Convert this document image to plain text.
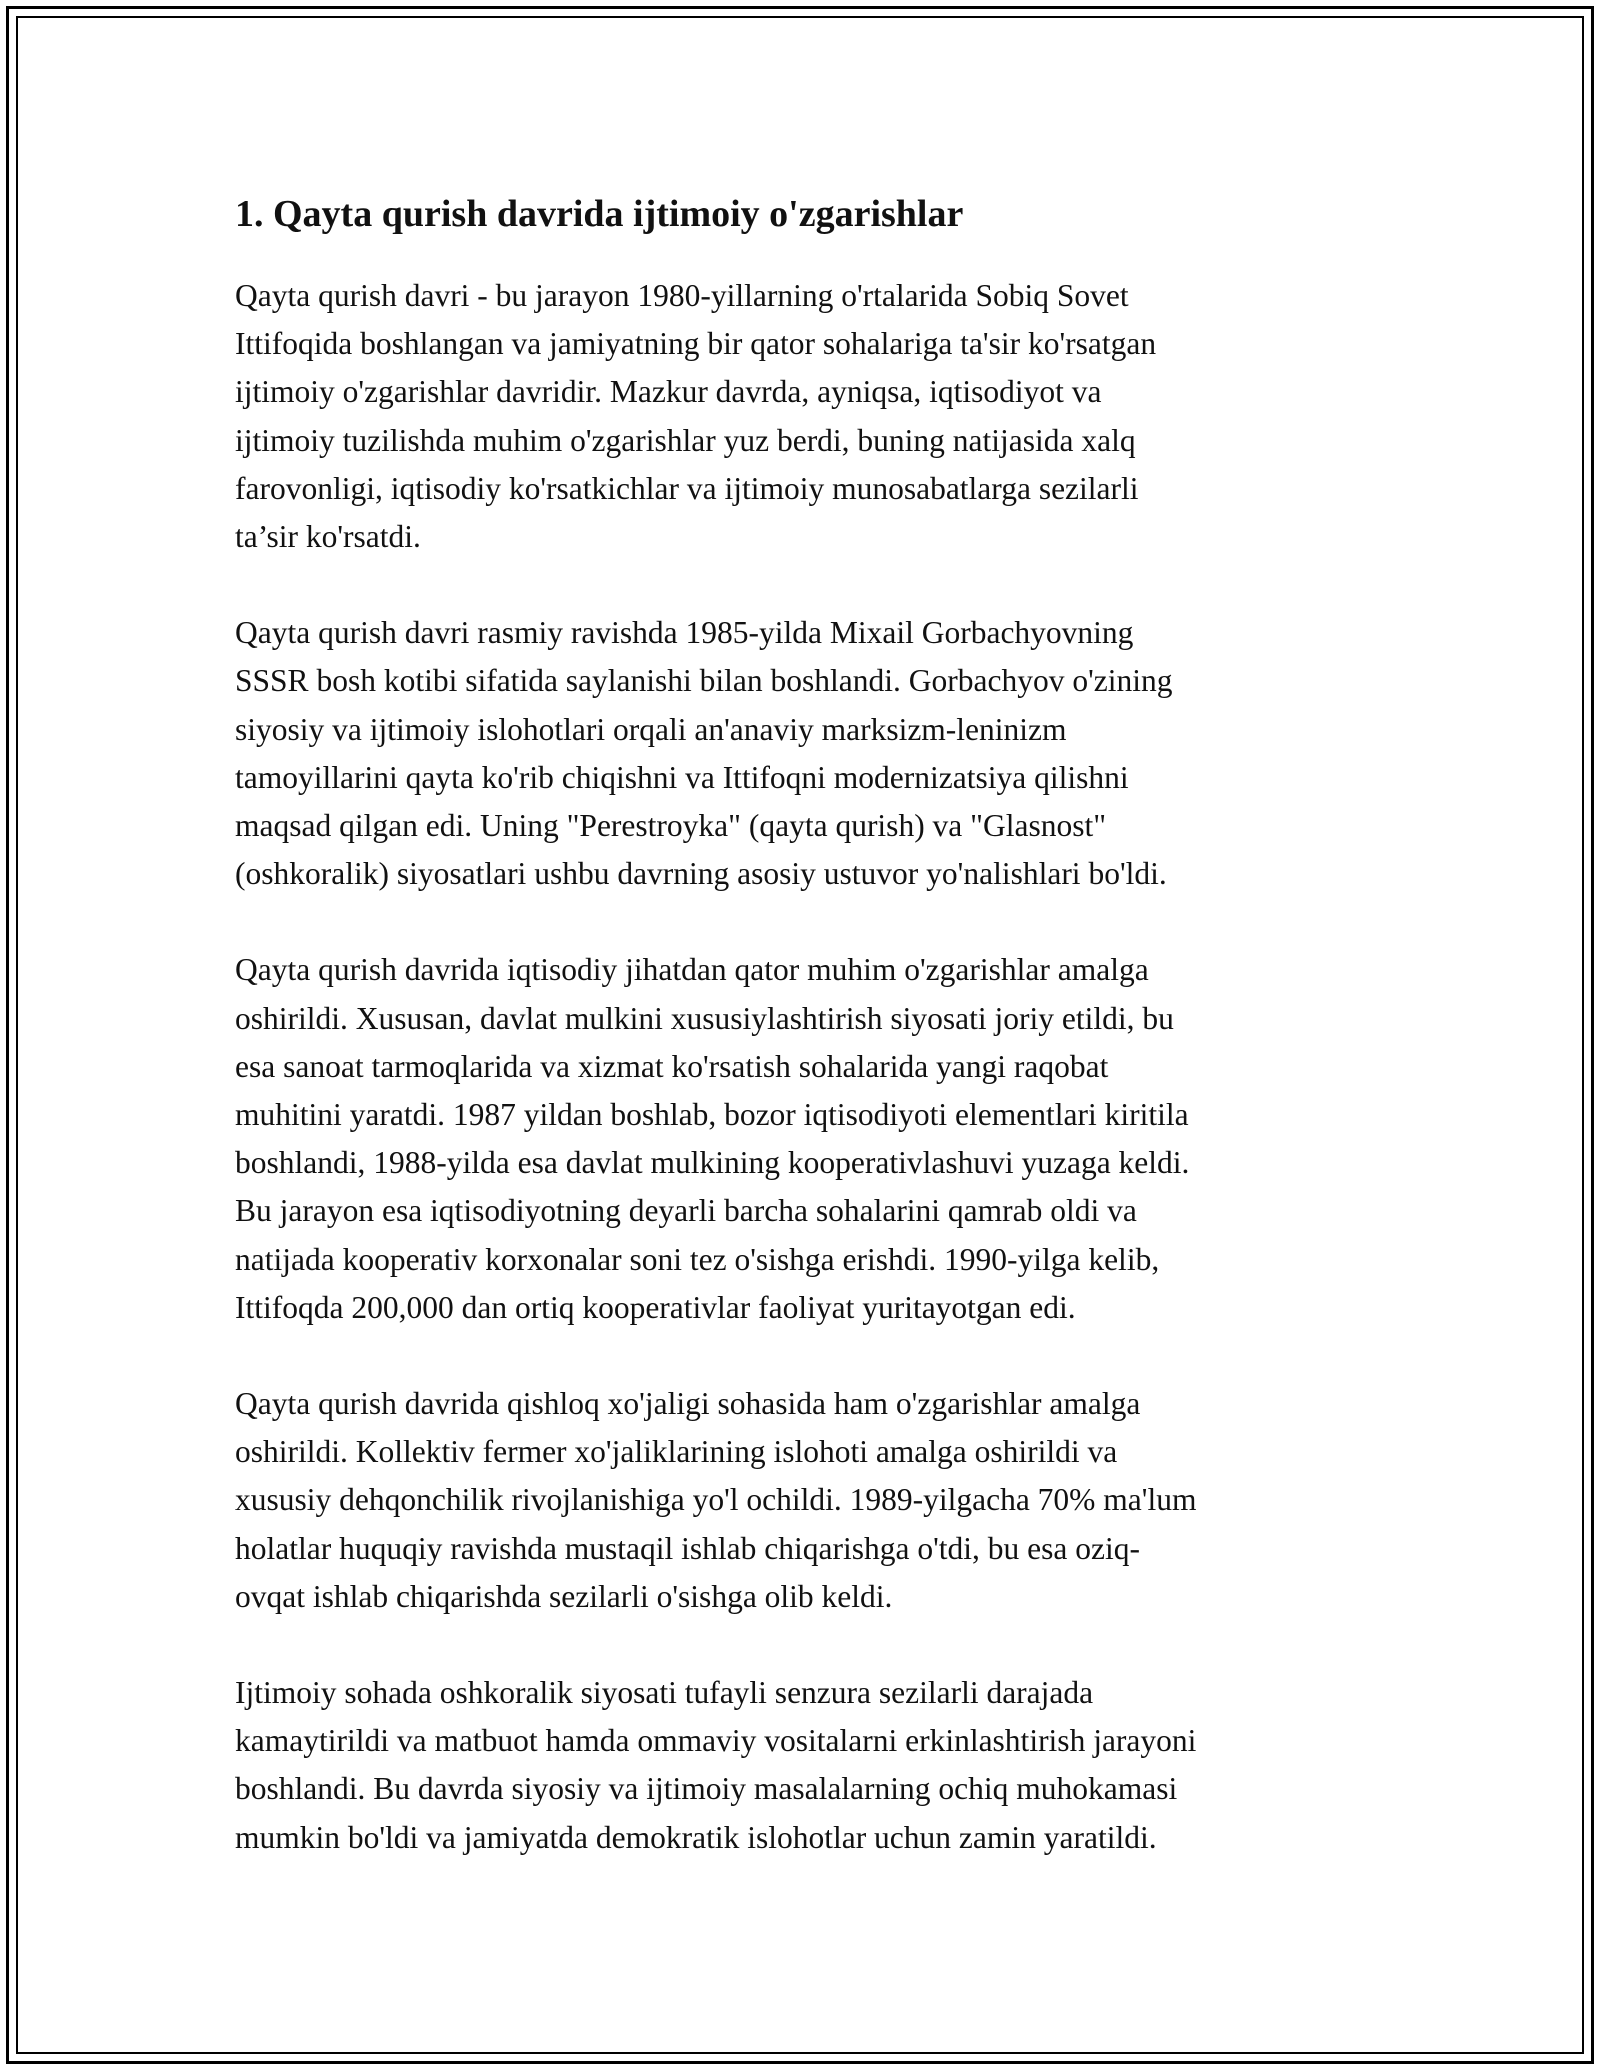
1. Qayta qurish davrida ijtimoiy o'zgarishlar

Qayta qurish davri - bu jarayon 1980-yillarning o'rtalarida Sobiq Sovet
Ittifoqida boshlangan va jamiyatning bir qator sohalariga ta'sir ko'rsatgan
ijtimoiy o'zgarishlar davridir. Mazkur davrda, ayniqsa, iqtisodiyot va
ijtimoiy tuzilishda muhim o'zgarishlar yuz berdi, buning natijasida xalq
farovonligi, iqtisodiy ko'rsatkichlar va ijtimoiy munosabatlarga sezilarli
ta’sir ko'rsatdi.

Qayta qurish davri rasmiy ravishda 1985-yilda Mixail Gorbachyovning
SSSR bosh kotibi sifatida saylanishi bilan boshlandi. Gorbachyov o'zining
siyosiy va ijtimoiy islohotlari orqali an'anaviy marksizm-leninizm
tamoyillarini qayta ko'rib chiqishni va Ittifoqni modernizatsiya qilishni
maqsad qilgan edi. Uning "Perestroyka" (qayta qurish) va "Glasnost"
(oshkoralik) siyosatlari ushbu davrning asosiy ustuvor yo'nalishlari bo'ldi.

Qayta qurish davrida iqtisodiy jihatdan qator muhim o'zgarishlar amalga
oshirildi. Xususan, davlat mulkini xususiylashtirish siyosati joriy etildi, bu
esa sanoat tarmoqlarida va xizmat ko'rsatish sohalarida yangi raqobat
muhitini yaratdi. 1987 yildan boshlab, bozor iqtisodiyoti elementlari kiritila
boshlandi, 1988-yilda esa davlat mulkining kooperativlashuvi yuzaga keldi.
Bu jarayon esa iqtisodiyotning deyarli barcha sohalarini qamrab oldi va
natijada kooperativ korxonalar soni tez o'sishga erishdi. 1990-yilga kelib,
Ittifoqda 200,000 dan ortiq kooperativlar faoliyat yuritayotgan edi.

Qayta qurish davrida qishloq xo'jaligi sohasida ham o'zgarishlar amalga
oshirildi. Kollektiv fermer xo'jaliklarining islohoti amalga oshirildi va
xususiy dehqonchilik rivojlanishiga yo'l ochildi. 1989-yilgacha 70% ma'lum
holatlar huquqiy ravishda mustaqil ishlab chiqarishga o'tdi, bu esa oziq-
ovqat ishlab chiqarishda sezilarli o'sishga olib keldi.

Ijtimoiy sohada oshkoralik siyosati tufayli senzura sezilarli darajada
kamaytirildi va matbuot hamda ommaviy vositalarni erkinlashtirish jarayoni
boshlandi. Bu davrda siyosiy va ijtimoiy masalalarning ochiq muhokamasi
mumkin bo'ldi va jamiyatda demokratik islohotlar uchun zamin yaratildi.
